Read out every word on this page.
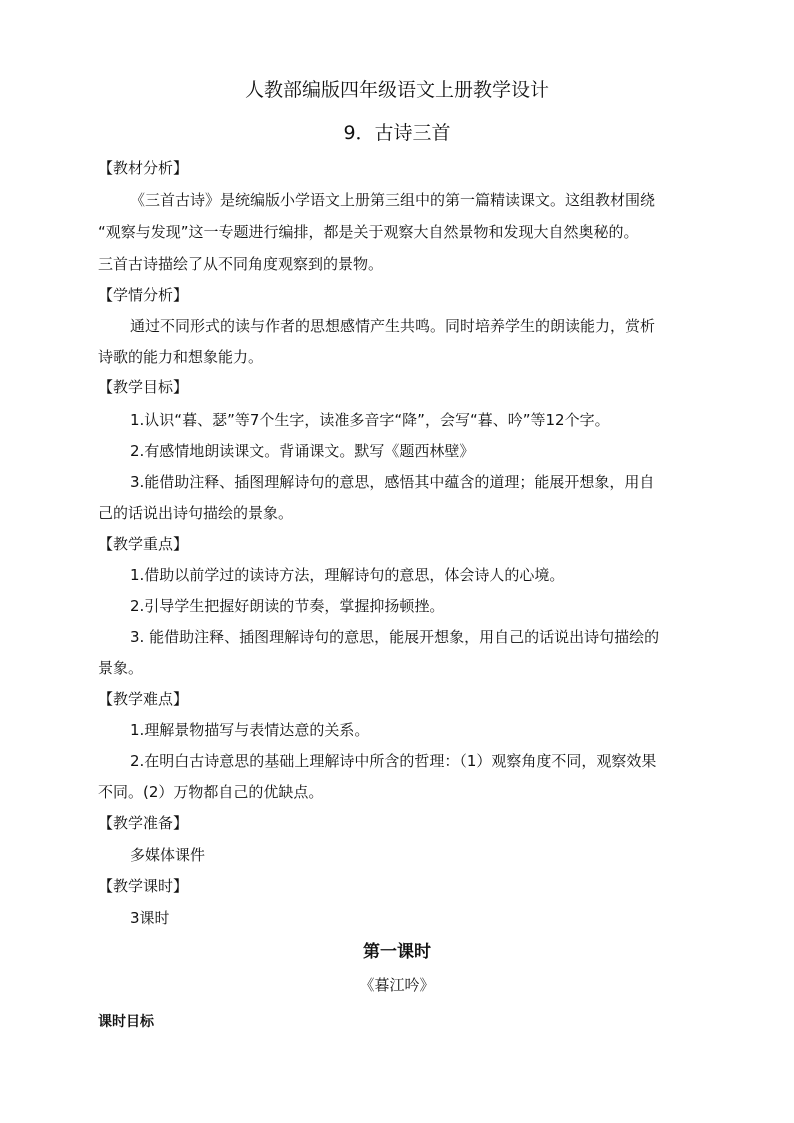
人教部编版四年级语文上册教学设计
9．古诗三首
【教材分析】
《三首古诗》是统编版小学语文上册第三组中的第一篇精读课文。这组教材围绕
“观察与发现”这一专题进行编排，都是关于观察大自然景物和发现大自然奥秘的。
三首古诗描绘了从不同角度观察到的景物。
【学情分析】
通过不同形式的读与作者的思想感情产生共鸣。同时培养学生的朗读能力，赏析
诗歌的能力和想象能力。
【教学目标】
1.认识“暮、瑟”等7个生字，读准多音字“降”，会写“暮、吟”等12个字。
2.有感情地朗读课文。背诵课文。默写《题西林壁》
3.能借助注释、插图理解诗句的意思，感悟其中蕴含的道理；能展开想象，用自
己的话说出诗句描绘的景象。
【教学重点】
1.借助以前学过的读诗方法，理解诗句的意思，体会诗人的心境。
2.引导学生把握好朗读的节奏，掌握抑扬顿挫。
3. 能借助注释、插图理解诗句的意思，能展开想象，用自己的话说出诗句描绘的
景象。
【教学难点】
1.理解景物描写与表情达意的关系。
2.在明白古诗意思的基础上理解诗中所含的哲理：（1）观察角度不同，观察效果
不同。(2）万物都自己的优缺点。
【教学准备】
多媒体课件
【教学课时】
3课时
第一课时
《暮江吟》
课时目标
